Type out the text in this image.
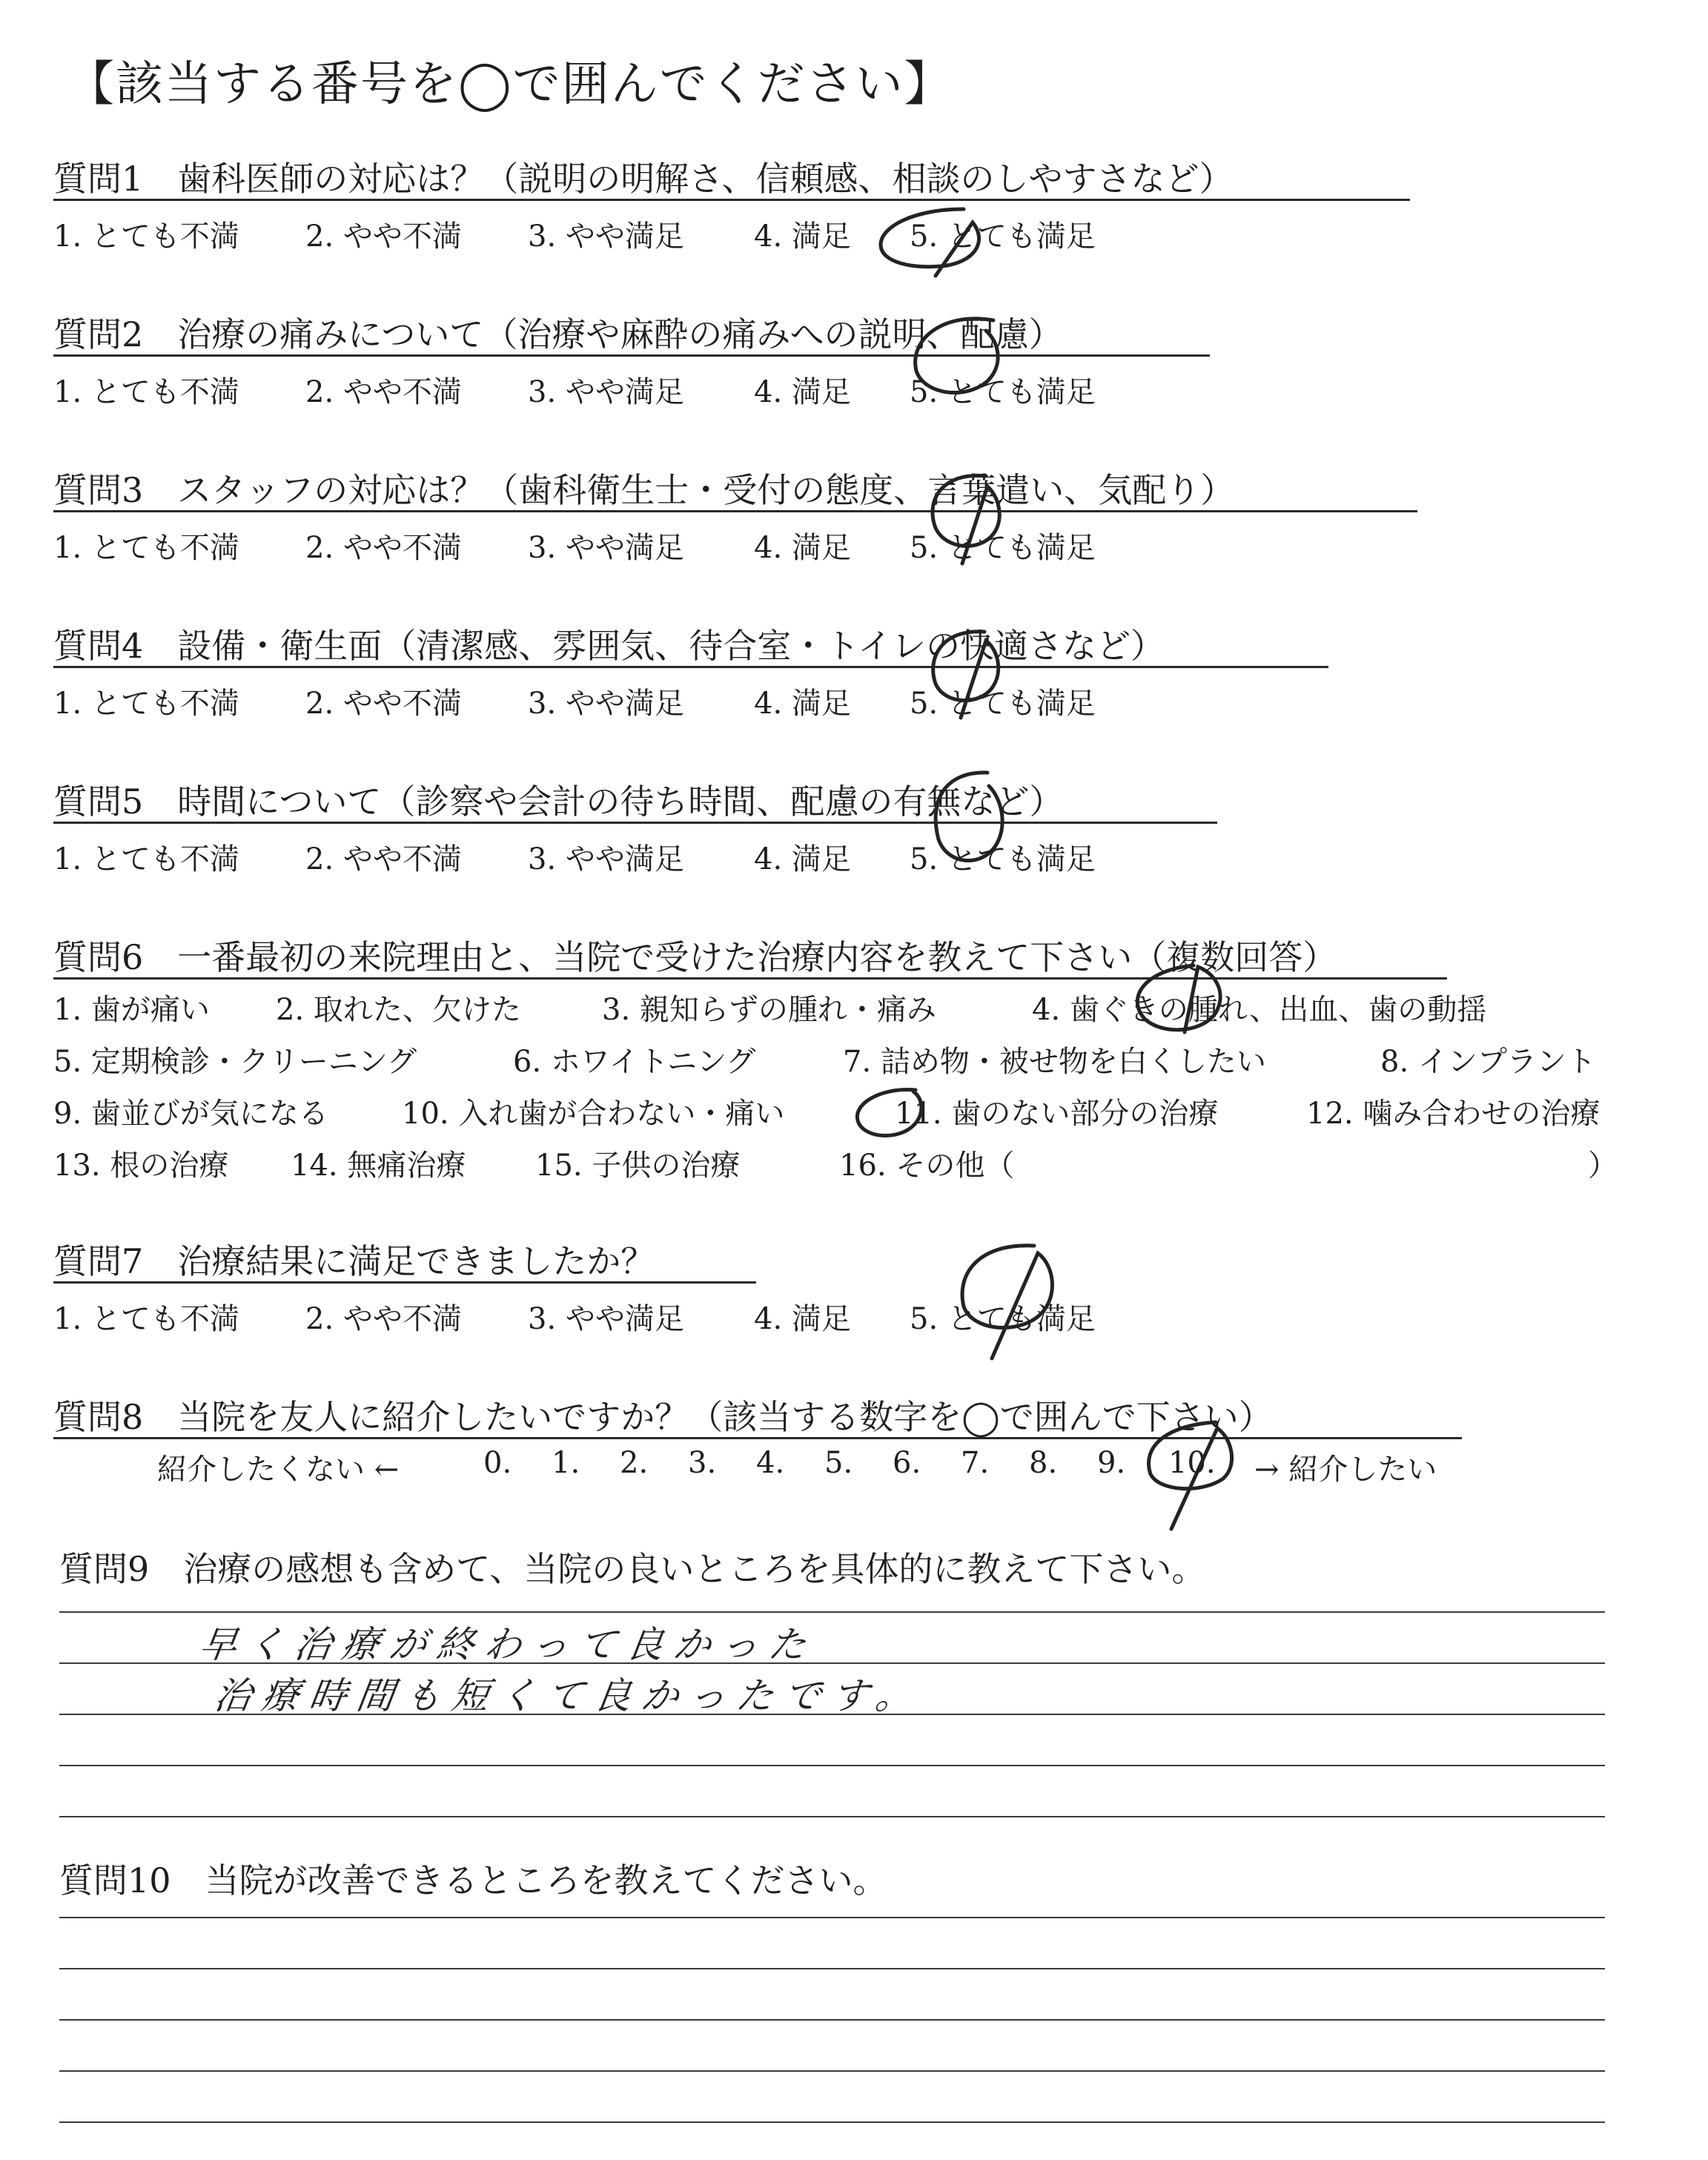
【該当する番号を◯で囲んでください】
質問1  歯科医師の対応は？（説明の明解さ、信頼感、相談のしやすさなど）
1. とても不満 2. やや不満 3. やや満足 4. 満足 5. とても満足
質問2  治療の痛みについて（治療や麻酔の痛みへの説明、配慮）
1. とても不満 2. やや不満 3. やや満足 4. 満足 5. とても満足
質問3  スタッフの対応は？（歯科衛生士・受付の態度、言葉遣い、気配り）
1. とても不満 2. やや不満 3. やや満足 4. 満足 5. とても満足
質問4  設備・衛生面（清潔感、雰囲気、待合室・トイレの快適さなど）
1. とても不満 2. やや不満 3. やや満足 4. 満足 5. とても満足
質問5  時間について（診察や会計の待ち時間、配慮の有無など）
1. とても不満 2. やや不満 3. やや満足 4. 満足 5. とても満足
質問6  一番最初の来院理由と、当院で受けた治療内容を教えて下さい（複数回答）
1. 歯が痛い 2. 取れた、欠けた	3. 親知らずの腫れ・痛み	4. 歯ぐきの腫れ、出血、歯の動揺
5. 定期検診・クリーニング	6. ホワイトニング	7. 詰め物・被せ物を白くしたい	8. インプラント
9. 歯並びが気になる 10. 入れ歯が合わない・痛い	11. 歯のない部分の治療	12. 噛み合わせの治療
13. 根の治療 14. 無痛治療 15. 子供の治療	16. その他（	）
質問7  治療結果に満足できましたか？
1. とても不満 2. やや不満 3. やや満足 4. 満足 5. とても満足
質問8  当院を友人に紹介したいですか？（該当する数字を◯で囲んで下さい）
紹介したくない ←	0. 1. 2. 3. 4. 5. 6. 7. 8. 9. 10. → 紹介したい
質問9  治療の感想も含めて、当院の良いところを具体的に教えて下さい。
早く治療が終わって良かった
治療時間も短くて良かったです。
質問10  当院が改善できるところを教えてください。
